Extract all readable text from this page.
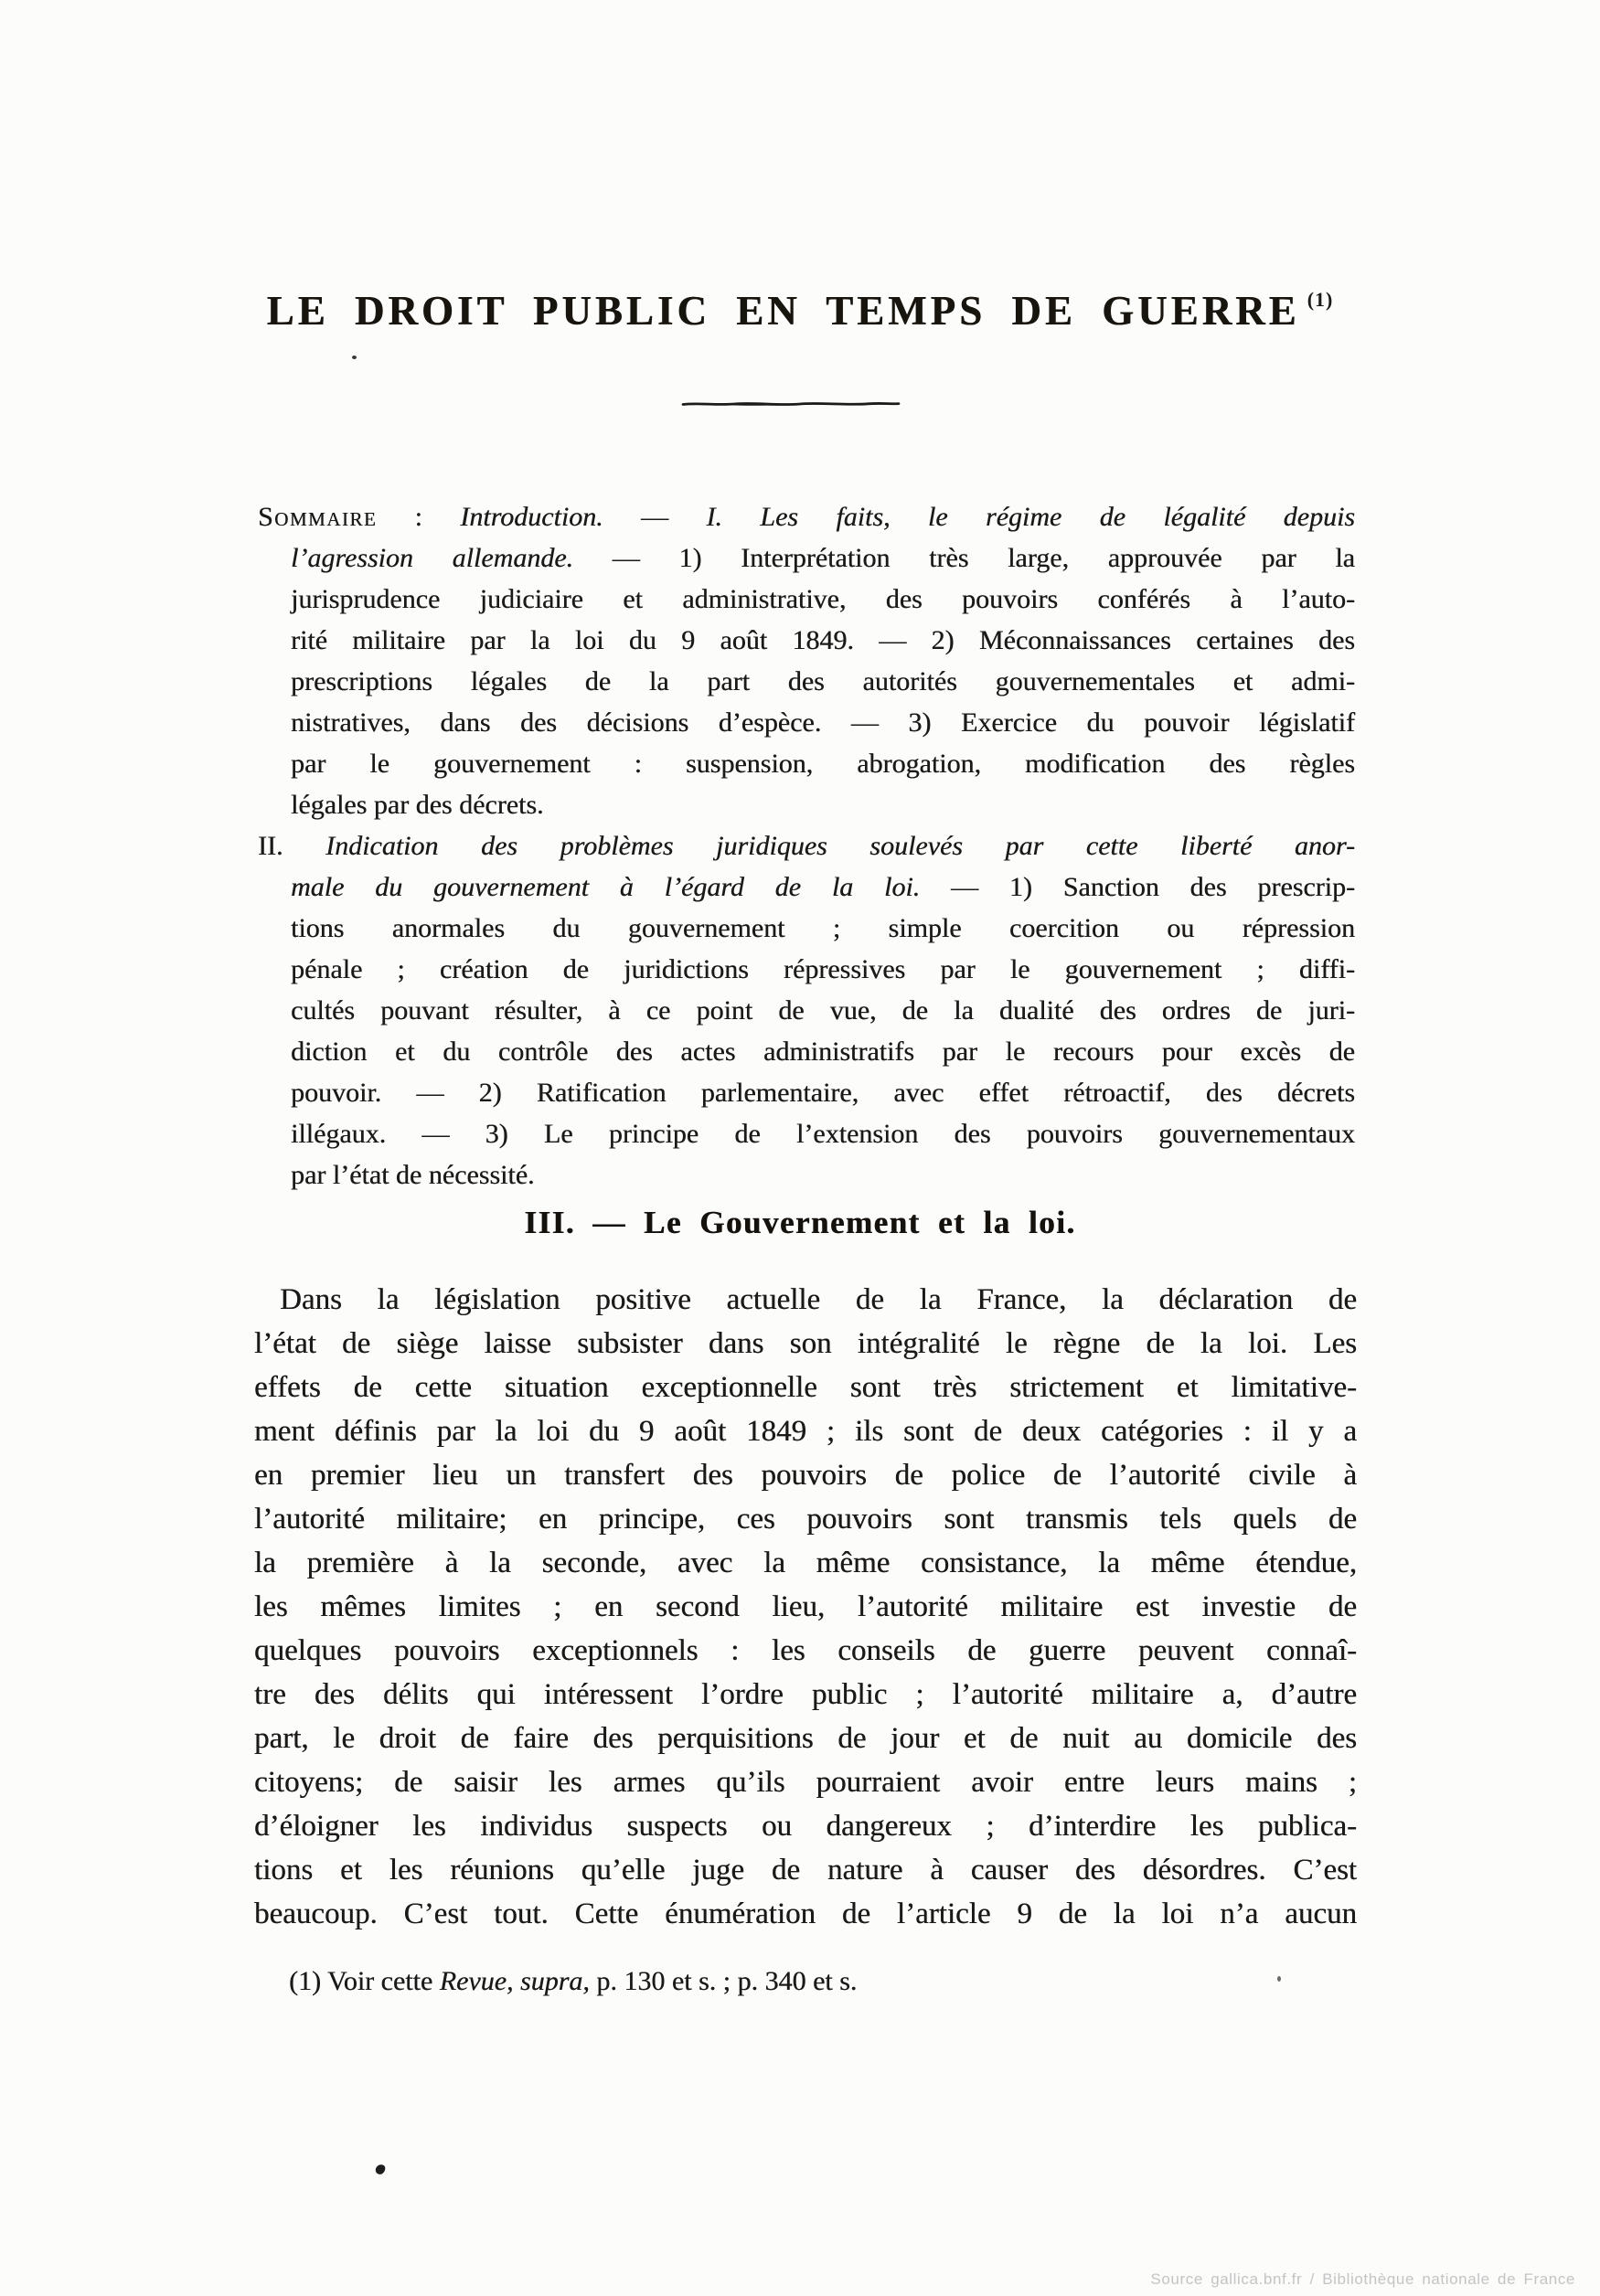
LE DROIT PUBLIC EN TEMPS DE GUERRE (1)
Sommaire : Introduction. — I. Les faits, le régime de légalité depuis
l’agression allemande. — 1) Interprétation très large, approuvée par la
jurisprudence judiciaire et administrative, des pouvoirs conférés à l’auto-
rité militaire par la loi du 9 août 1849. — 2) Méconnaissances certaines des
prescriptions légales de la part des autorités gouvernementales et admi-
nistratives, dans des décisions d’espèce. — 3) Exercice du pouvoir législatif
par le gouvernement : suspension, abrogation, modification des règles
légales par des décrets.
II. Indication des problèmes juridiques soulevés par cette liberté anor-
male du gouvernement à l’égard de la loi. — 1) Sanction des prescrip-
tions anormales du gouvernement ; simple coercition ou répression
pénale ; création de juridictions répressives par le gouvernement ; diffi-
cultés pouvant résulter, à ce point de vue, de la dualité des ordres de juri-
diction et du contrôle des actes administratifs par le recours pour excès de
pouvoir. — 2) Ratification parlementaire, avec effet rétroactif, des décrets
illégaux. — 3) Le principe de l’extension des pouvoirs gouvernementaux
par l’état de nécessité.
III. — Le Gouvernement et la loi.
Dans la législation positive actuelle de la France, la déclaration de
l’état de siège laisse subsister dans son intégralité le règne de la loi. Les
effets de cette situation exceptionnelle sont très strictement et limitative-
ment définis par la loi du 9 août 1849 ; ils sont de deux catégories : il y a
en premier lieu un transfert des pouvoirs de police de l’autorité civile à
l’autorité militaire; en principe, ces pouvoirs sont transmis tels quels de
la première à la seconde, avec la même consistance, la même étendue,
les mêmes limites ; en second lieu, l’autorité militaire est investie de
quelques pouvoirs exceptionnels : les conseils de guerre peuvent connaî-
tre des délits qui intéressent l’ordre public ; l’autorité militaire a, d’autre
part, le droit de faire des perquisitions de jour et de nuit au domicile des
citoyens; de saisir les armes qu’ils pourraient avoir entre leurs mains ;
d’éloigner les individus suspects ou dangereux ; d’interdire les publica-
tions et les réunions qu’elle juge de nature à causer des désordres. C’est
beaucoup. C’est tout. Cette énumération de l’article 9 de la loi n’a aucun
(1) Voir cette Revue, supra, p. 130 et s. ; p. 340 et s.
Source gallica.bnf.fr / Bibliothèque nationale de France
